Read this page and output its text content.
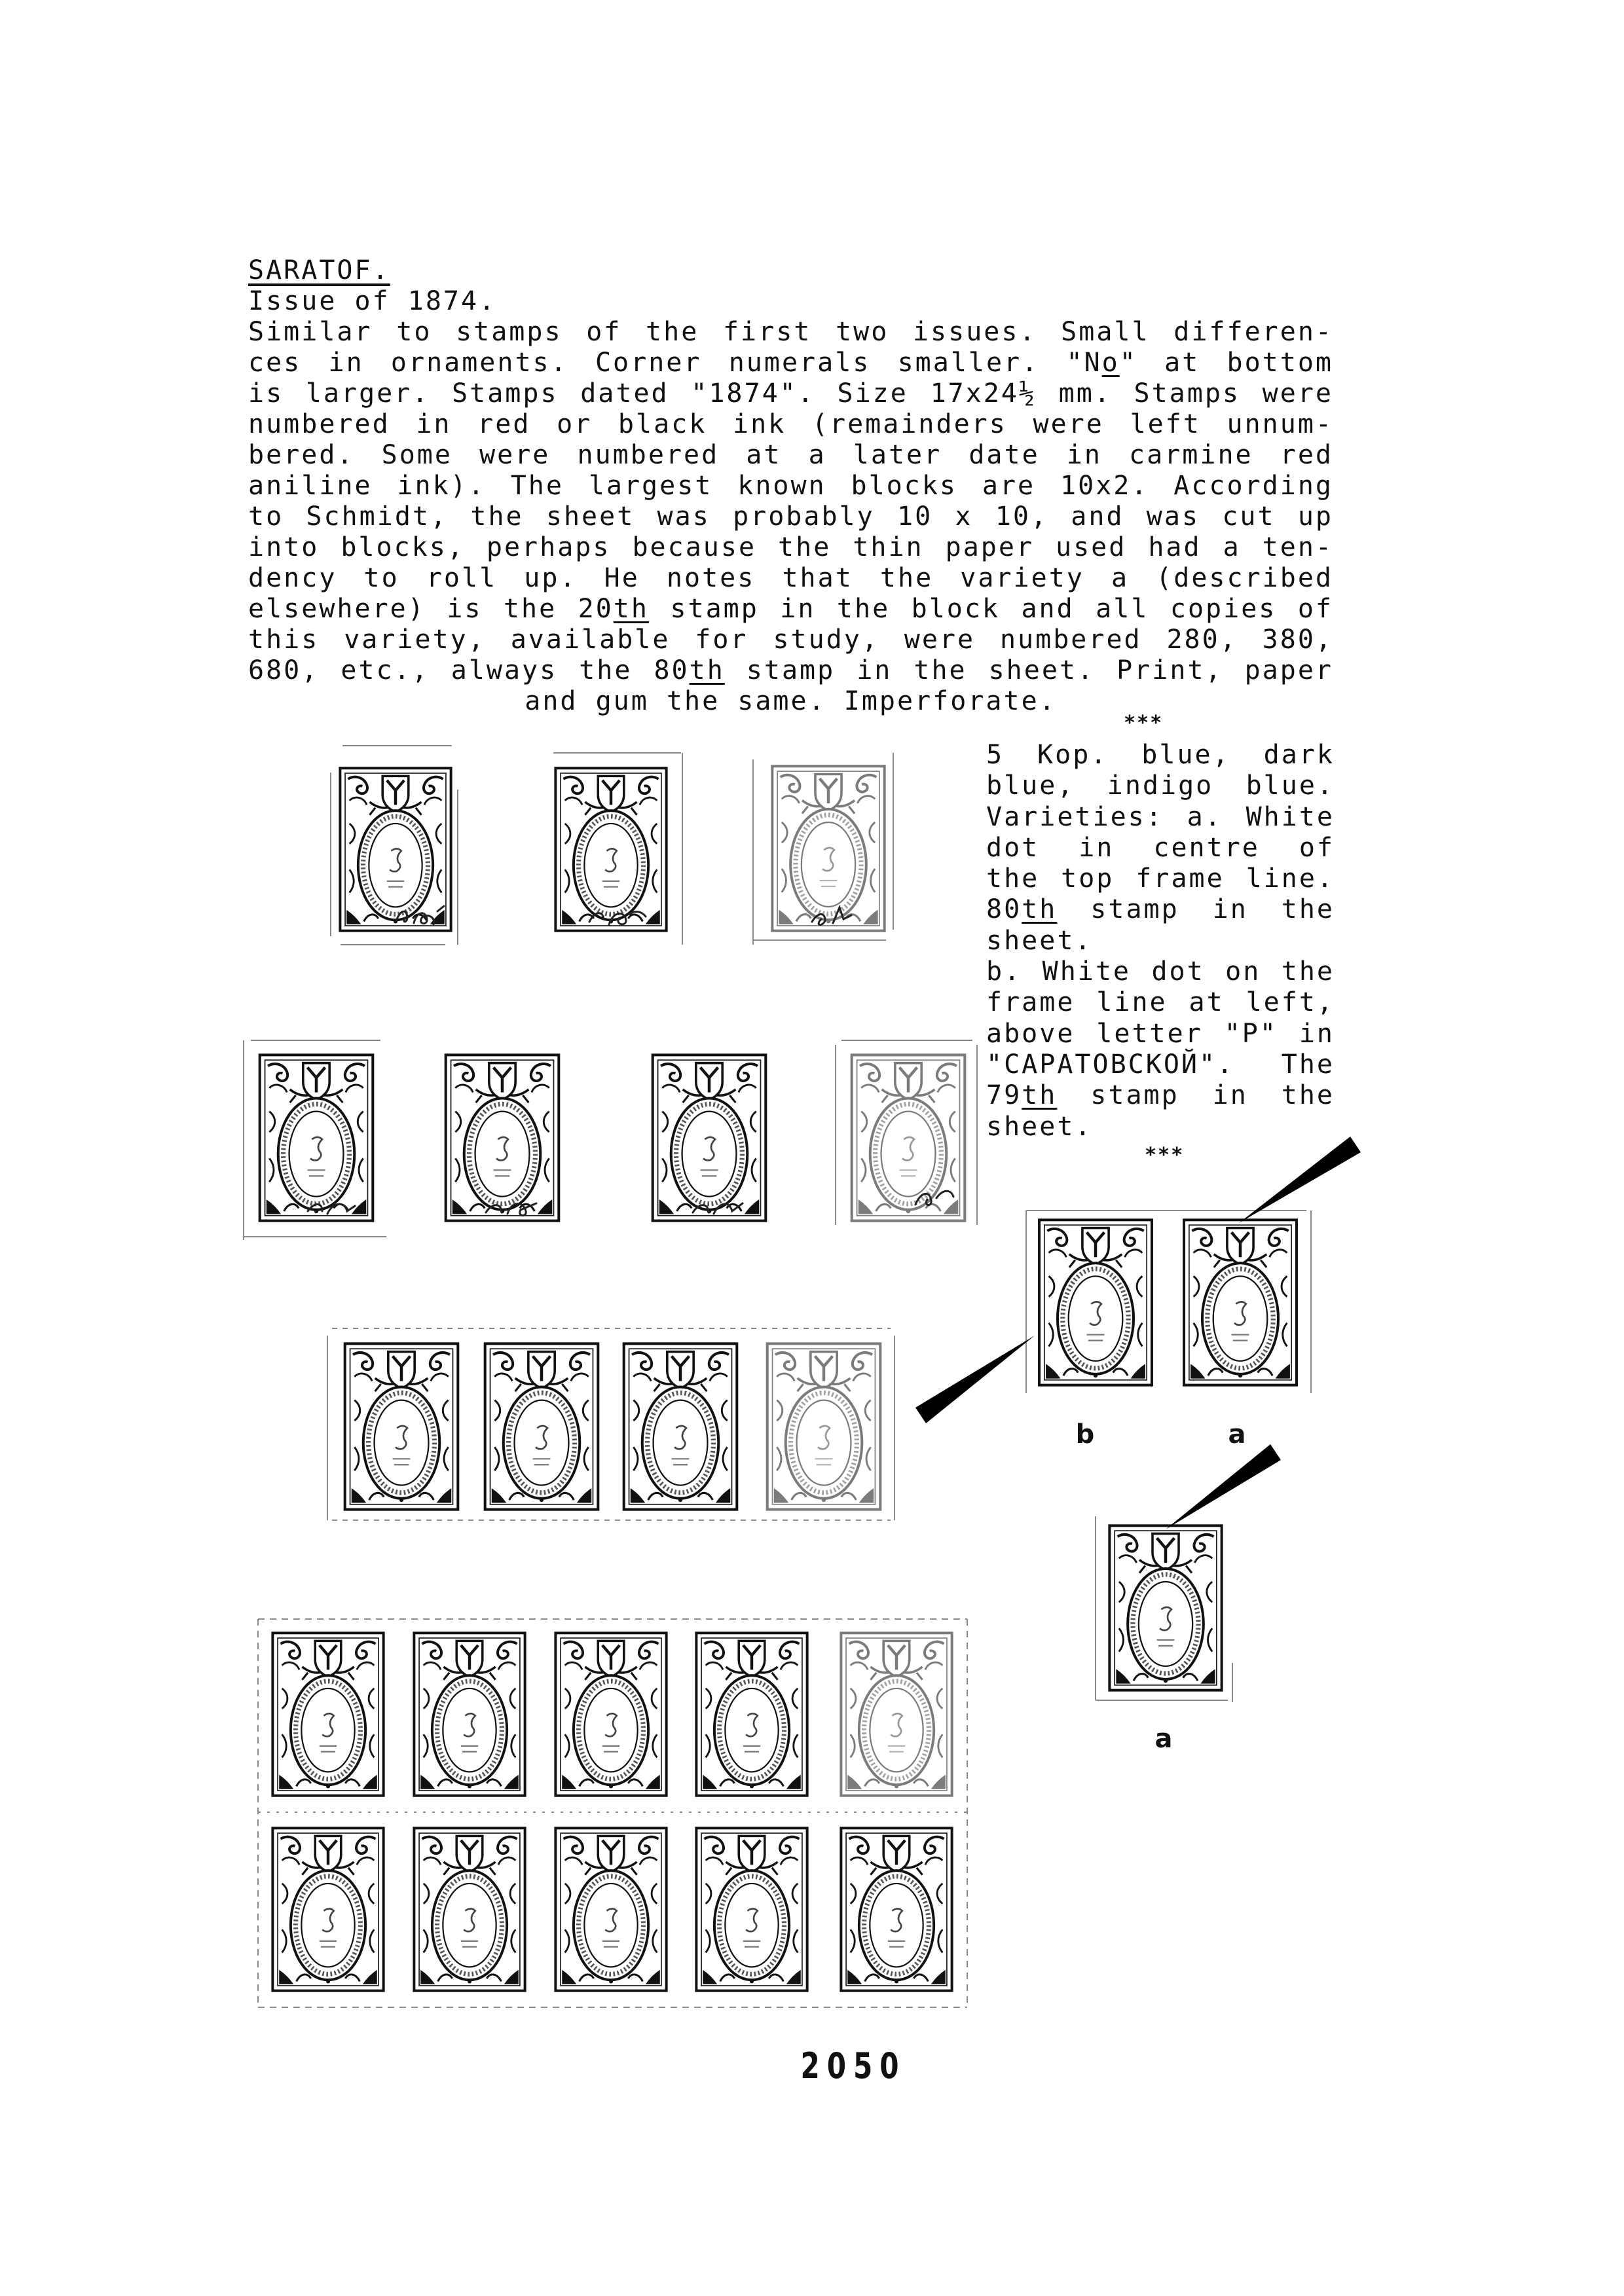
SARATOF.
Issue of 1874.
Similar to stamps of the first two issues. Small differen-
ces in ornaments. Corner numerals smaller. "No" at bottom
is larger. Stamps dated "1874". Size 17x24½ mm. Stamps were
numbered in red or black ink (remainders were left unnum-
bered. Some were numbered at a later date in carmine red
aniline ink). The largest known blocks are 10x2. According
to Schmidt, the sheet was probably 10 x 10, and was cut up
into blocks, perhaps because the thin paper used had a ten-
dency to roll up. He notes that the variety a (described
elsewhere) is the 20th stamp in the block and all copies of
this variety, available for study, were numbered 280, 380,
680, etc., always the 80th stamp in the sheet. Print, paper
and gum the same. Imperforate.
***
5 Kop. blue, dark
blue, indigo blue.
Varieties: a. White
dot in centre of
the top frame line.
80th stamp in the
sheet.
b. White dot on the
frame line at left,
above letter "P" in
"CAPATOBCKOЙ". The
79th stamp in the
sheet.
***
b	a
a
2050
